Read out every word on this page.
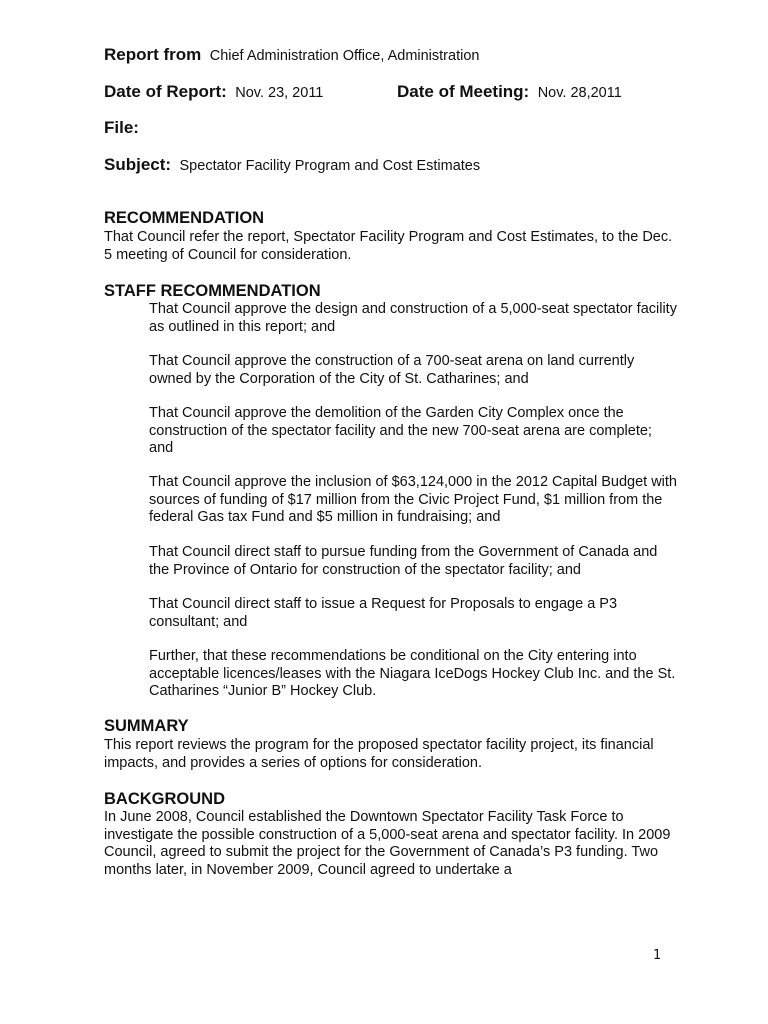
Report from Chief Administration Office, Administration
Date of Report: Nov. 23, 2011	Date of Meeting: Nov. 28,2011
File:
Subject: Spectator Facility Program and Cost Estimates
RECOMMENDATION
That Council refer the report, Spectator Facility Program and Cost Estimates, to the Dec. 5 meeting of Council for consideration.
STAFF RECOMMENDATION
That Council approve the design and construction of a 5,000-seat spectator facility as outlined in this report; and
That Council approve the construction of a 700-seat arena on land currently owned by the Corporation of the City of St. Catharines; and
That Council approve the demolition of the Garden City Complex once the construction of the spectator facility and the new 700-seat arena are complete; and
That Council approve the inclusion of $63,124,000 in the 2012 Capital Budget with sources of funding of $17 million from the Civic Project Fund, $1 million from the federal Gas tax Fund and $5 million in fundraising; and
That Council direct staff to pursue funding from the Government of Canada and the Province of Ontario for construction of the spectator facility; and
That Council direct staff to issue a Request for Proposals to engage a P3 consultant; and
Further, that these recommendations be conditional on the City entering into acceptable licences/leases with the Niagara IceDogs Hockey Club Inc. and the St. Catharines “Junior B” Hockey Club.
SUMMARY
This report reviews the program for the proposed spectator facility project, its financial impacts, and provides a series of options for consideration.
BACKGROUND
In June 2008, Council established the Downtown Spectator Facility Task Force to investigate the possible construction of a 5,000-seat arena and spectator facility. In 2009 Council, agreed to submit the project for the Government of Canada’s P3 funding. Two months later, in November 2009, Council agreed to undertake a
1
